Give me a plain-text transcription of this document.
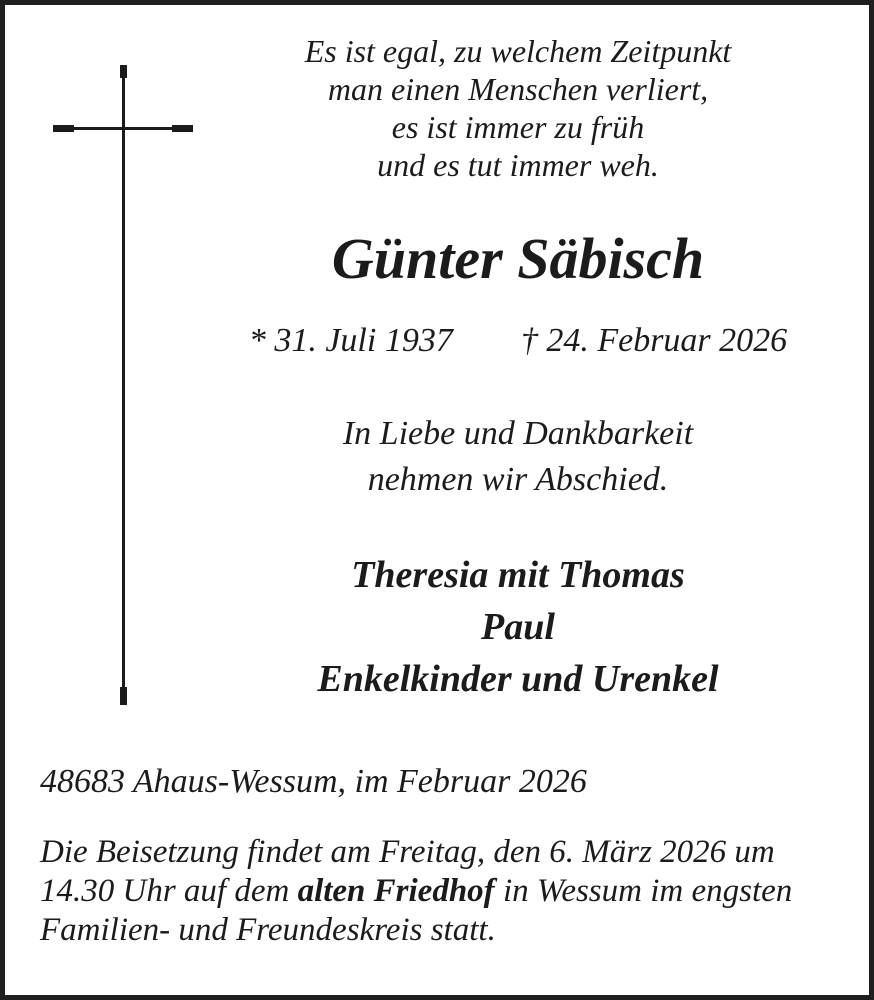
Es ist egal, zu welchem Zeitpunkt
man einen Menschen verliert,
es ist immer zu früh
und es tut immer weh.
Günter Säbisch
* 31. Juli 1937 † 24. Februar 2026
In Liebe und Dankbarkeit
nehmen wir Abschied.
Theresia mit Thomas
Paul
Enkelkinder und Urenkel
48683 Ahaus-Wessum, im Februar 2026
Die Beisetzung findet am Freitag, den 6. März 2026 um
14.30 Uhr auf dem alten Friedhof in Wessum im engsten
Familien- und Freundeskreis statt.
